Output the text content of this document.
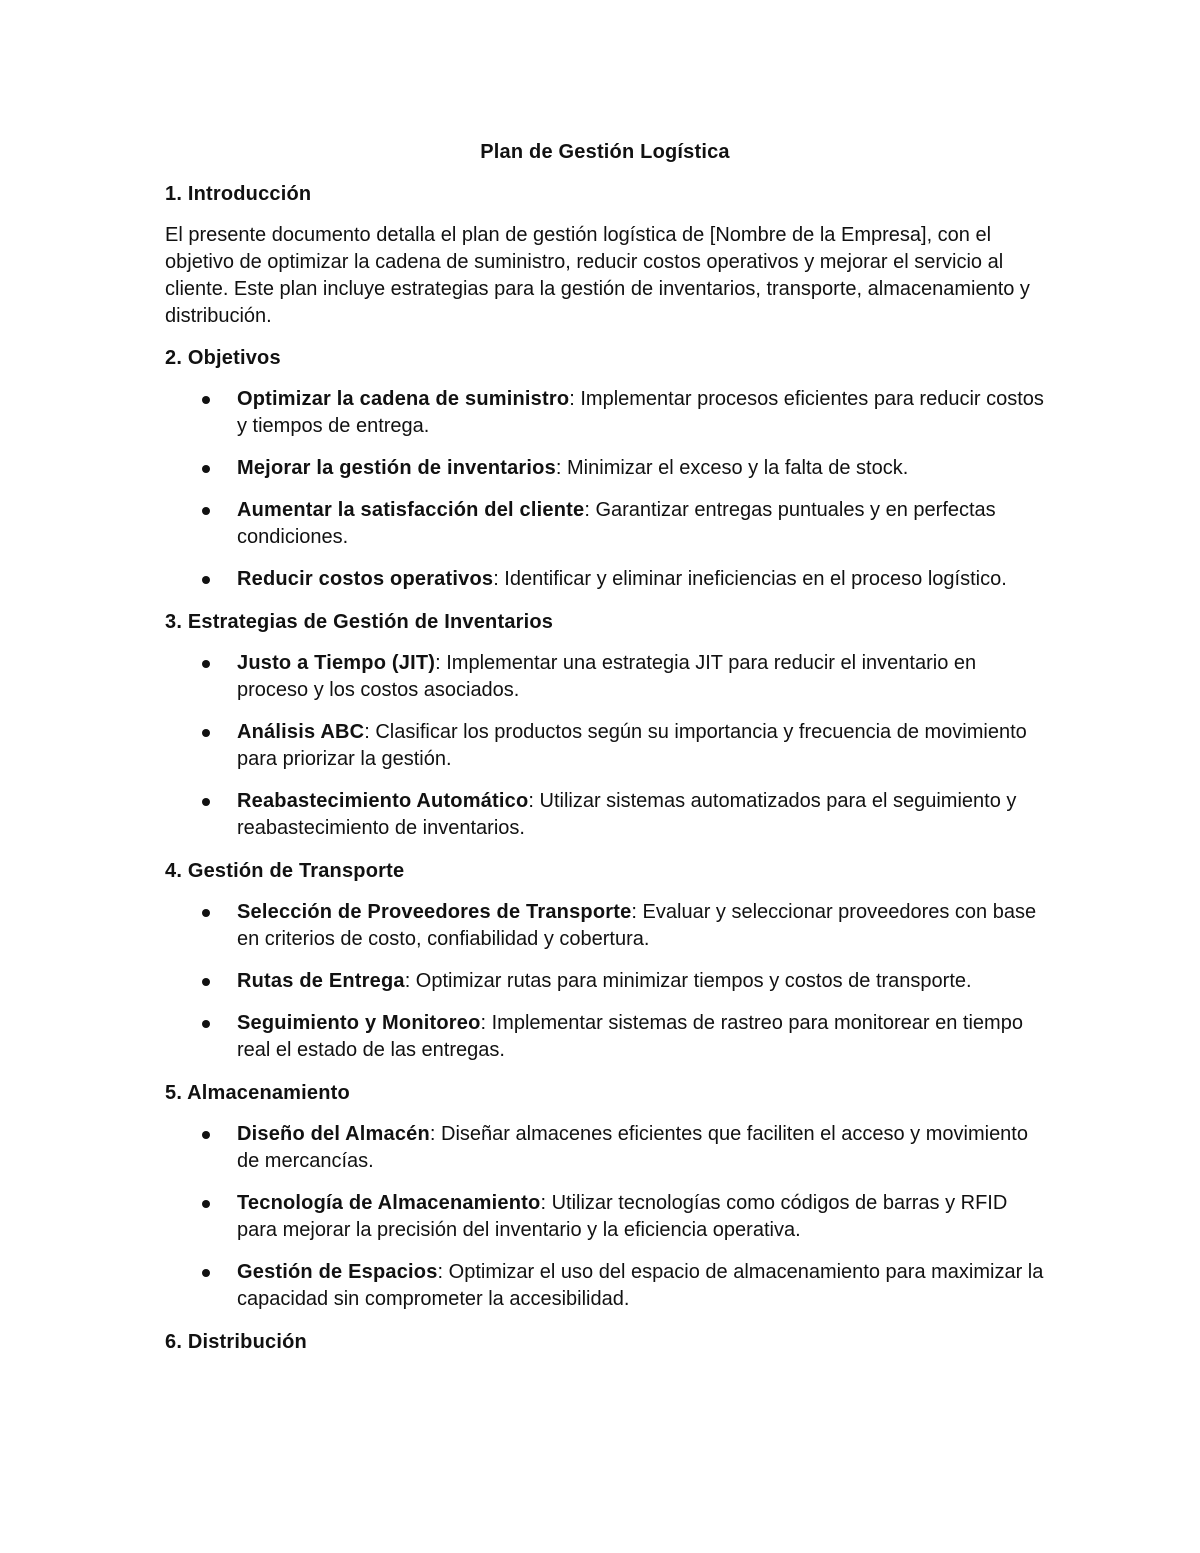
Plan de Gestión Logística
1. Introducción

El presente documento detalla el plan de gestión logística de [Nombre de la Empresa], con el objetivo de optimizar la cadena de suministro, reducir costos operativos y mejorar el servicio al cliente. Este plan incluye estrategias para la gestión de inventarios, transporte, almacenamiento y distribución.

2. Objetivos
Optimizar la cadena de suministro: Implementar procesos eficientes para reducir costos y tiempos de entrega.
Mejorar la gestión de inventarios: Minimizar el exceso y la falta de stock.
Aumentar la satisfacción del cliente: Garantizar entregas puntuales y en perfectas condiciones.
Reducir costos operativos: Identificar y eliminar ineficiencias en el proceso logístico.
3. Estrategias de Gestión de Inventarios
Justo a Tiempo (JIT): Implementar una estrategia JIT para reducir el inventario en proceso y los costos asociados.
Análisis ABC: Clasificar los productos según su importancia y frecuencia de movimiento para priorizar la gestión.
Reabastecimiento Automático: Utilizar sistemas automatizados para el seguimiento y reabastecimiento de inventarios.
4. Gestión de Transporte
Selección de Proveedores de Transporte: Evaluar y seleccionar proveedores con base en criterios de costo, confiabilidad y cobertura.
Rutas de Entrega: Optimizar rutas para minimizar tiempos y costos de transporte.
Seguimiento y Monitoreo: Implementar sistemas de rastreo para monitorear en tiempo real el estado de las entregas.
5. Almacenamiento
Diseño del Almacén: Diseñar almacenes eficientes que faciliten el acceso y movimiento de mercancías.
Tecnología de Almacenamiento: Utilizar tecnologías como códigos de barras y RFID para mejorar la precisión del inventario y la eficiencia operativa.
Gestión de Espacios: Optimizar el uso del espacio de almacenamiento para maximizar la capacidad sin comprometer la accesibilidad.
6. Distribución
